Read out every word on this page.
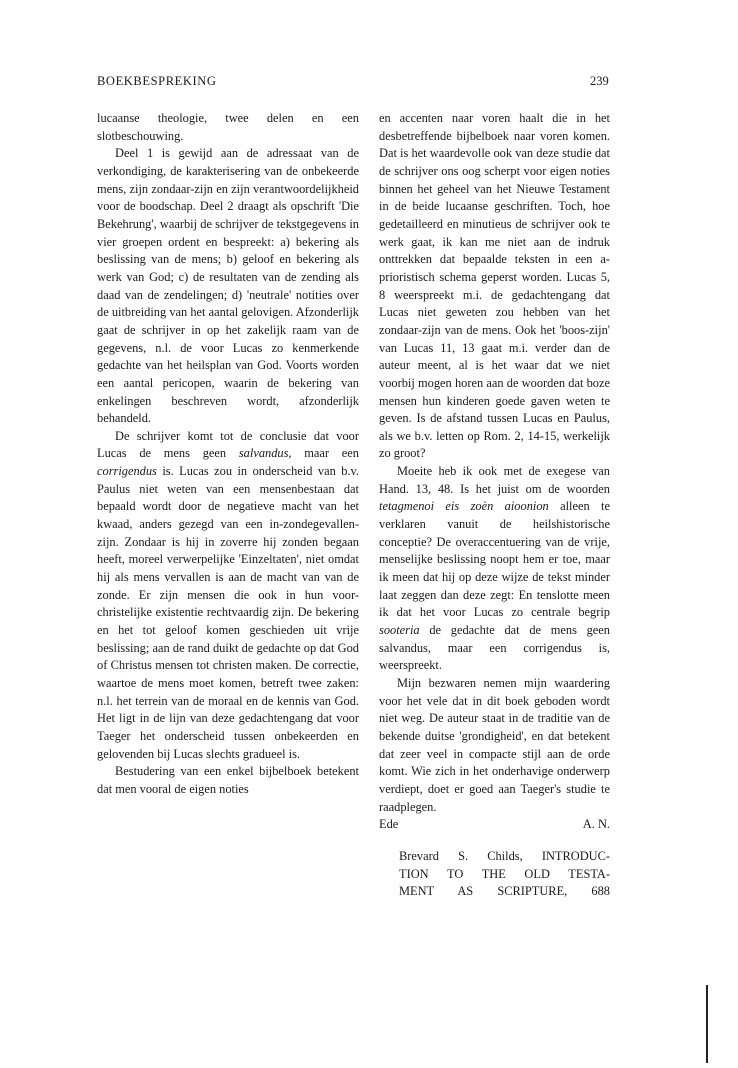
BOEKBESPREKING	239

lucaanse theologie, twee delen en een slotbeschouwing.

Deel 1 is gewijd aan de adressaat van de verkondiging, de karakterisering van de onbekeerde mens, zijn zondaar-zijn en zijn verantwoordelijkheid voor de boodschap. Deel 2 draagt als opschrift 'Die Bekehrung', waarbij de schrijver de tekstgegevens in vier groepen ordent en bespreekt: a) bekering als beslissing van de mens; b) geloof en bekering als werk van God; c) de resultaten van de zending als daad van de zendelingen; d) 'neutrale' notities over de uitbreiding van het aantal gelovigen. Afzonderlijk gaat de schrijver in op het zakelijk raam van de gegevens, n.l. de voor Lucas zo kenmerkende gedachte van het heilsplan van God. Voorts worden een aantal pericopen, waarin de bekering van enkelingen beschreven wordt, afzonderlijk behandeld.

De schrijver komt tot de conclusie dat voor Lucas de mens geen salvandus, maar een corrigendus is. Lucas zou in onderscheid van b.v. Paulus niet weten van een mensenbestaan dat bepaald wordt door de negatieve macht van het kwaad, anders gezegd van een in-zondegevallen-zijn. Zondaar is hij in zoverre hij zonden begaan heeft, moreel verwerpelijke 'Einzeltaten', niet omdat hij als mens vervallen is aan de macht van van de zonde. Er zijn mensen die ook in hun voor-christelijke existentie rechtvaardig zijn. De bekering en het tot geloof komen geschieden uit vrije beslissing; aan de rand duikt de gedachte op dat God of Christus mensen tot christen maken. De correctie, waartoe de mens moet komen, betreft twee zaken: n.l. het terrein van de moraal en de kennis van God. Het ligt in de lijn van deze gedachtengang dat voor Taeger het onderscheid tussen onbekeerden en gelovenden bij Lucas slechts gradueel is.

Bestudering van een enkel bijbelboek betekent dat men vooral de eigen noties

en accenten naar voren haalt die in het desbetreffende bijbelboek naar voren komen. Dat is het waardevolle ook van deze studie dat de schrijver ons oog scherpt voor eigen noties binnen het geheel van het Nieuwe Testament in de beide lucaanse geschriften. Toch, hoe gedetailleerd en minutieus de schrijver ook te werk gaat, ik kan me niet aan de indruk onttrekken dat bepaalde teksten in een a-prioristisch schema geperst worden. Lucas 5, 8 weerspreekt m.i. de gedachtengang dat Lucas niet geweten zou hebben van het zondaar-zijn van de mens. Ook het 'boos-zijn' van Lucas 11, 13 gaat m.i. verder dan de auteur meent, al is het waar dat we niet voorbij mogen horen aan de woorden dat boze mensen hun kinderen goede gaven weten te geven. Is de afstand tussen Lucas en Paulus, als we b.v. letten op Rom. 2, 14-15, werkelijk zo groot?

Moeite heb ik ook met de exegese van Hand. 13, 48. Is het juist om de woorden tetagmenoi eis zoèn aioonion alleen te verklaren vanuit de heilshistorische conceptie? De overaccentuering van de vrije, menselijke beslissing noopt hem er toe, maar ik meen dat hij op deze wijze de tekst minder laat zeggen dan deze zegt: En tenslotte meen ik dat het voor Lucas zo centrale begrip sooteria de gedachte dat de mens geen salvandus, maar een corrigendus is, weerspreekt.

Mijn bezwaren nemen mijn waardering voor het vele dat in dit boek geboden wordt niet weg. De auteur staat in de traditie van de bekende duitse 'grondigheid', en dat betekent dat zeer veel in compacte stijl aan de orde komt. Wie zich in het onderhavige onderwerp verdiept, doet er goed aan Taeger's studie te raadplegen.

Ede	A. N.
Brevard S. Childs, INTRODUC-
TION TO THE OLD TESTA-
MENT AS SCRIPTURE, 688
